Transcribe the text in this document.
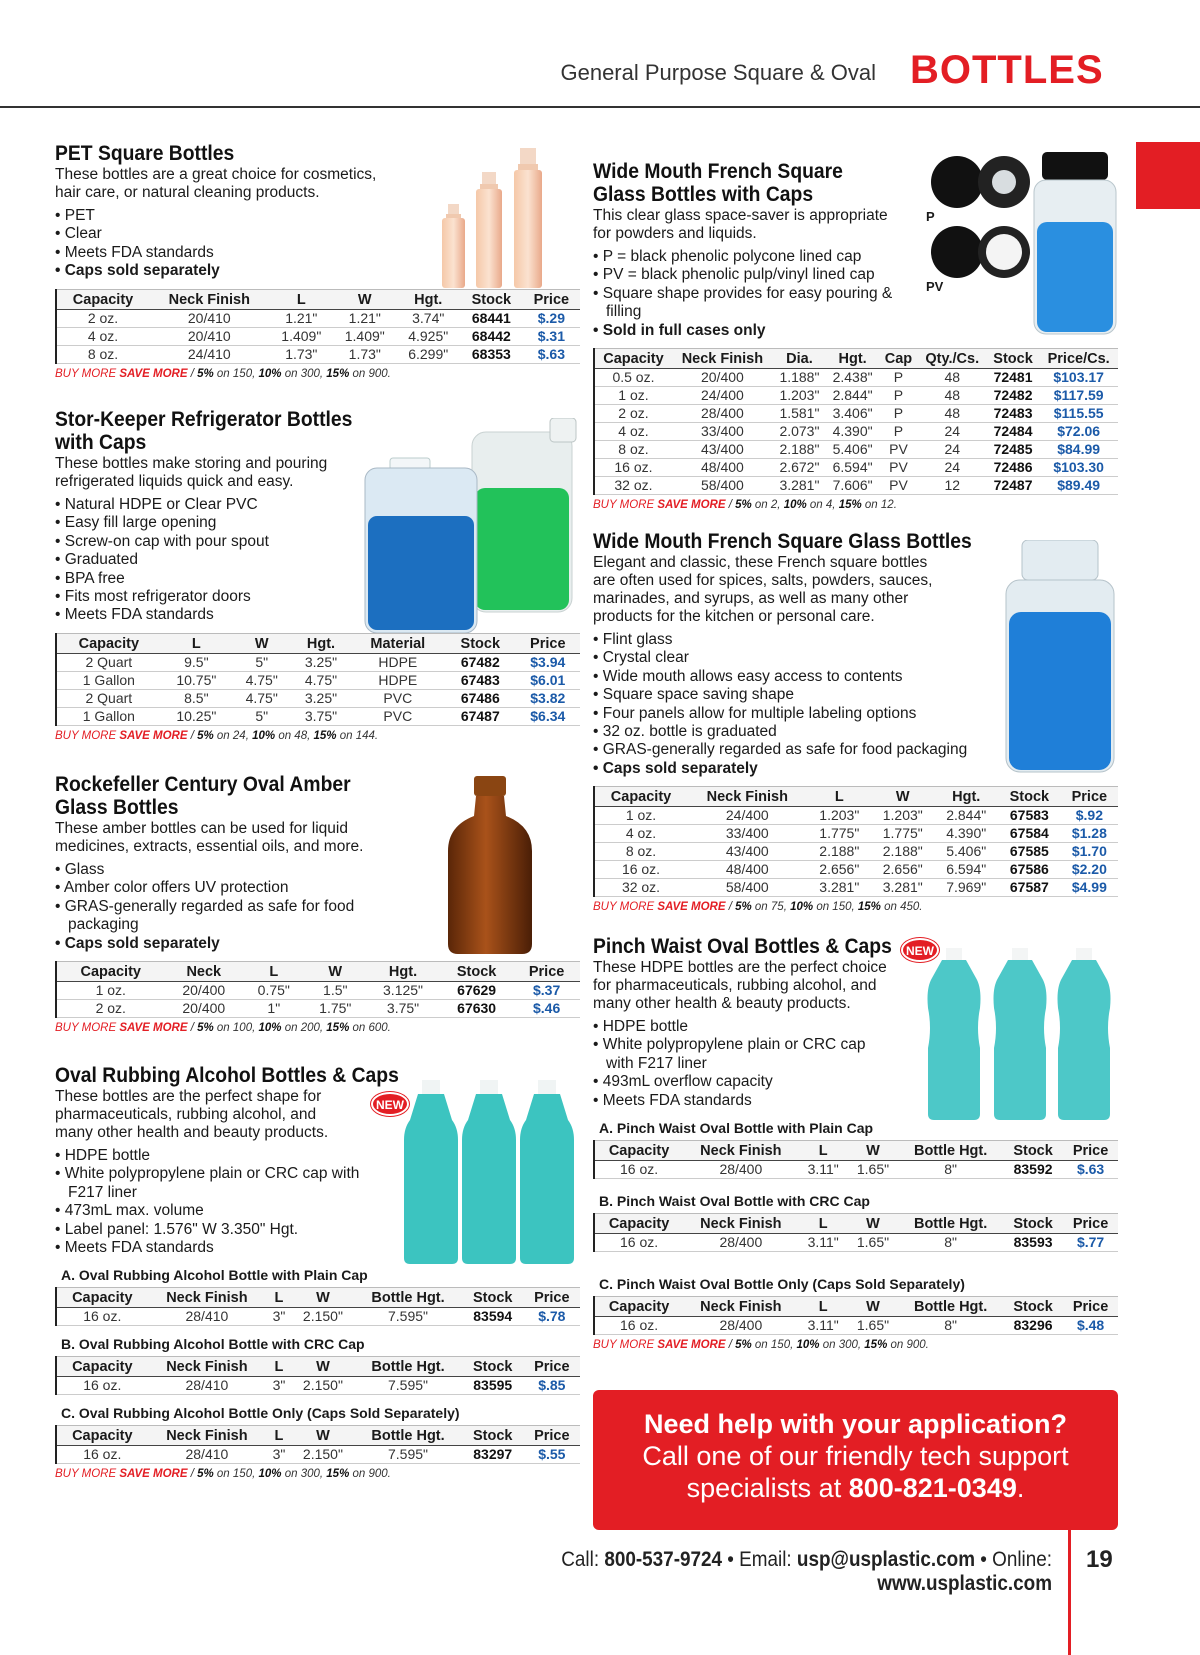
General Purpose Square & Oval BOTTLES
PET Square Bottles
These bottles are a great choice for cosmetics, hair care, or natural cleaning products.
• PET
• Clear
• Meets FDA standards
• Caps sold separately
Capacity	Neck Finish	L	W	Hgt.	Stock	Price
2 oz.	20/410	1.21"	1.21"	3.74"	68441	$.29
4 oz.	20/410	1.409"	1.409"	4.925"	68442	$.31
8 oz.	24/410	1.73"	1.73"	6.299"	68353	$.63
BUY MORE SAVE MORE / 5% on 150, 10% on 300, 15% on 900.
Stor-Keeper Refrigerator Bottles with Caps
These bottles make storing and pouring refrigerated liquids quick and easy.
• Natural HDPE or Clear PVC
• Easy fill large opening
• Screw-on cap with pour spout
• Graduated
• BPA free
• Fits most refrigerator doors
• Meets FDA standards
Capacity	L	W	Hgt.	Material	Stock	Price
2 Quart	9.5"	5"	3.25"	HDPE	67482	$3.94
1 Gallon	10.75"	4.75"	4.75"	HDPE	67483	$6.01
2 Quart	8.5"	4.75"	3.25"	PVC	67486	$3.82
1 Gallon	10.25"	5"	3.75"	PVC	67487	$6.34
BUY MORE SAVE MORE / 5% on 24, 10% on 48, 15% on 144.
Rockefeller Century Oval Amber Glass Bottles
These amber bottles can be used for liquid medicines, extracts, essential oils, and more.
• Glass
• Amber color offers UV protection
• GRAS-generally regarded as safe for food packaging
• Caps sold separately
Capacity	Neck	L	W	Hgt.	Stock	Price
1 oz.	20/400	0.75"	1.5"	3.125"	67629	$.37
2 oz.	20/400	1"	1.75"	3.75"	67630	$.46
BUY MORE SAVE MORE / 5% on 100, 10% on 200, 15% on 600.
Oval Rubbing Alcohol Bottles & Caps
These bottles are the perfect shape for pharmaceuticals, rubbing alcohol, and many other health and beauty products.
• HDPE bottle
• White polypropylene plain or CRC cap with F217 liner
• 473mL max. volume
• Label panel: 1.576" W 3.350" Hgt.
• Meets FDA standards
A. Oval Rubbing Alcohol Bottle with Plain Cap
Capacity	Neck Finish	L	W	Bottle Hgt.	Stock	Price
16 oz.	28/410	3"	2.150"	7.595"	83594	$.78
B. Oval Rubbing Alcohol Bottle with CRC Cap
Capacity	Neck Finish	L	W	Bottle Hgt.	Stock	Price
16 oz.	28/410	3"	2.150"	7.595"	83595	$.85
C. Oval Rubbing Alcohol Bottle Only (Caps Sold Separately)
Capacity	Neck Finish	L	W	Bottle Hgt.	Stock	Price
16 oz.	28/410	3"	2.150"	7.595"	83297	$.55
BUY MORE SAVE MORE / 5% on 150, 10% on 300, 15% on 900.
NEW
Wide Mouth French Square Glass Bottles with Caps
This clear glass space-saver is appropriate for powders and liquids.
• P = black phenolic polycone lined cap
• PV = black phenolic pulp/vinyl lined cap
• Square shape provides for easy pouring & filling
• Sold in full cases only
Capacity	Neck Finish	Dia.	Hgt.	Cap	Qty./Cs.	Stock	Price/Cs.
0.5 oz.	20/400	1.188"	2.438"	P	48	72481	$103.17
1 oz.	24/400	1.203"	2.844"	P	48	72482	$117.59
2 oz.	28/400	1.581"	3.406"	P	48	72483	$115.55
4 oz.	33/400	2.073"	4.390"	P	24	72484	$72.06
8 oz.	43/400	2.188"	5.406"	PV	24	72485	$84.99
16 oz.	48/400	2.672"	6.594"	PV	24	72486	$103.30
32 oz.	58/400	3.281"	7.606"	PV	12	72487	$89.49
BUY MORE SAVE MORE / 5% on 2, 10% on 4, 15% on 12.
P
PV
Wide Mouth French Square Glass Bottles
Elegant and classic, these French square bottles are often used for spices, salts, powders, sauces, marinades, and syrups, as well as many other products for the kitchen or personal care.
• Flint glass
• Crystal clear
• Wide mouth allows easy access to contents
• Square space saving shape
• Four panels allow for multiple labeling options
• 32 oz. bottle is graduated
• GRAS-generally regarded as safe for food packaging
• Caps sold separately
Capacity	Neck Finish	L	W	Hgt.	Stock	Price
1 oz.	24/400	1.203"	1.203"	2.844"	67583	$.92
4 oz.	33/400	1.775"	1.775"	4.390"	67584	$1.28
8 oz.	43/400	2.188"	2.188"	5.406"	67585	$1.70
16 oz.	48/400	2.656"	2.656"	6.594"	67586	$2.20
32 oz.	58/400	3.281"	3.281"	7.969"	67587	$4.99
BUY MORE SAVE MORE / 5% on 75, 10% on 150, 15% on 450.
Pinch Waist Oval Bottles & Caps
These HDPE bottles are the perfect choice for pharmaceuticals, rubbing alcohol, and many other health & beauty products.
• HDPE bottle
• White polypropylene plain or CRC cap with F217 liner
• 493mL overflow capacity
• Meets FDA standards
A. Pinch Waist Oval Bottle with Plain Cap
Capacity	Neck Finish	L	W	Bottle Hgt.	Stock	Price
16 oz.	28/400	3.11"	1.65"	8"	83592	$.63
B. Pinch Waist Oval Bottle with CRC Cap
Capacity	Neck Finish	L	W	Bottle Hgt.	Stock	Price
16 oz.	28/400	3.11"	1.65"	8"	83593	$.77
C. Pinch Waist Oval Bottle Only (Caps Sold Separately)
Capacity	Neck Finish	L	W	Bottle Hgt.	Stock	Price
16 oz.	28/400	3.11"	1.65"	8"	83296	$.48
BUY MORE SAVE MORE / 5% on 150, 10% on 300, 15% on 900.
NEW
Need help with your application?
Call one of our friendly tech support
specialists at 800-821-0349.
Call: 800-537-9724 • Email: usp@usplastic.com • Online: www.usplastic.com
19
